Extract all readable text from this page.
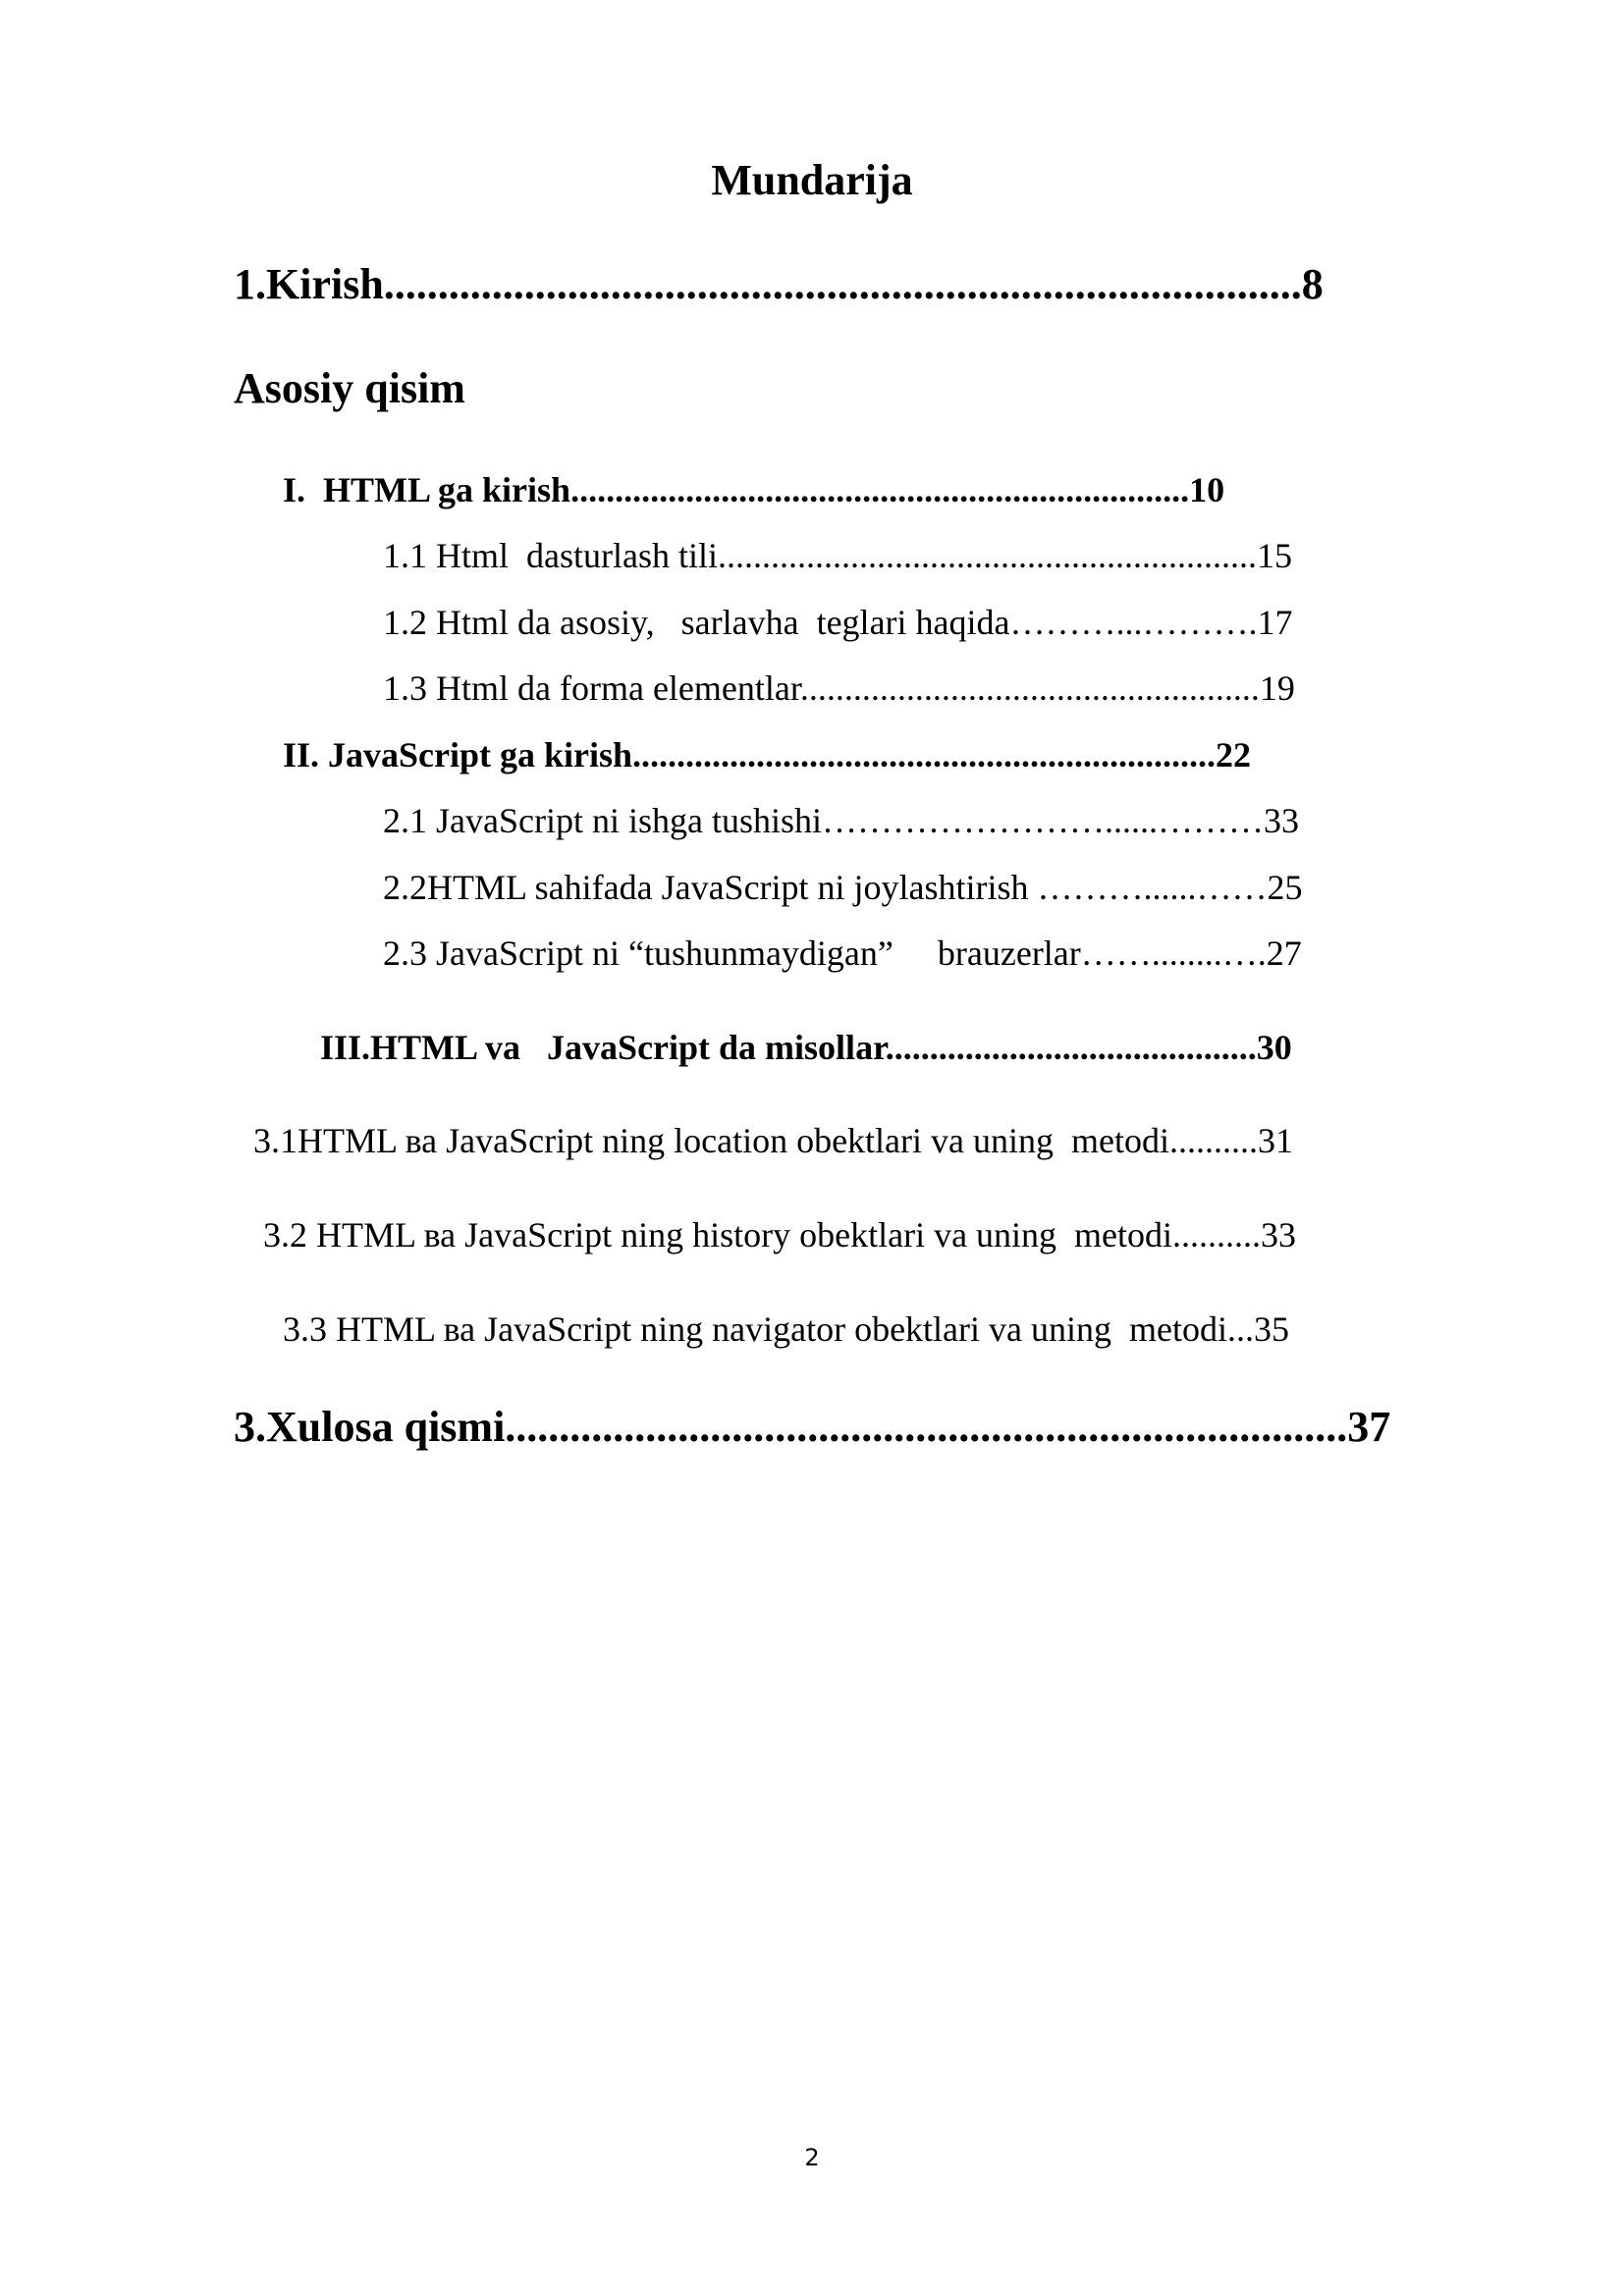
Mundarija
1.Kirish.....................................................................................8
Asosiy qisim
I.  HTML ga kirish......................................................................10
1.1 Html  dasturlash tili.............................................................15
1.2 Html da asosiy,   sarlavha  teglari haqida………...……….17
1.3 Html da forma elementlar....................................................19
II. JavaScript ga kirish..................................................................22
2.1 JavaScript ni ishga tushishi……………………......………33
2.2HTML sahifada JavaScript ni joylashtirish ………......……25
2.3 JavaScript ni “tushunmaydigan”     brauzerlar……........….27
III.HTML va   JavaScript da misollar..........................................30
3.1HTML ва JavaScript ning location obektlari va uning  metodi..........31
3.2 HTML ва JavaScript ning history obektlari va uning  metodi..........33
3.3 HTML ва JavaScript ning navigator obektlari va uning  metodi...35
3.Xulosa qismi..............................................................................37
2
